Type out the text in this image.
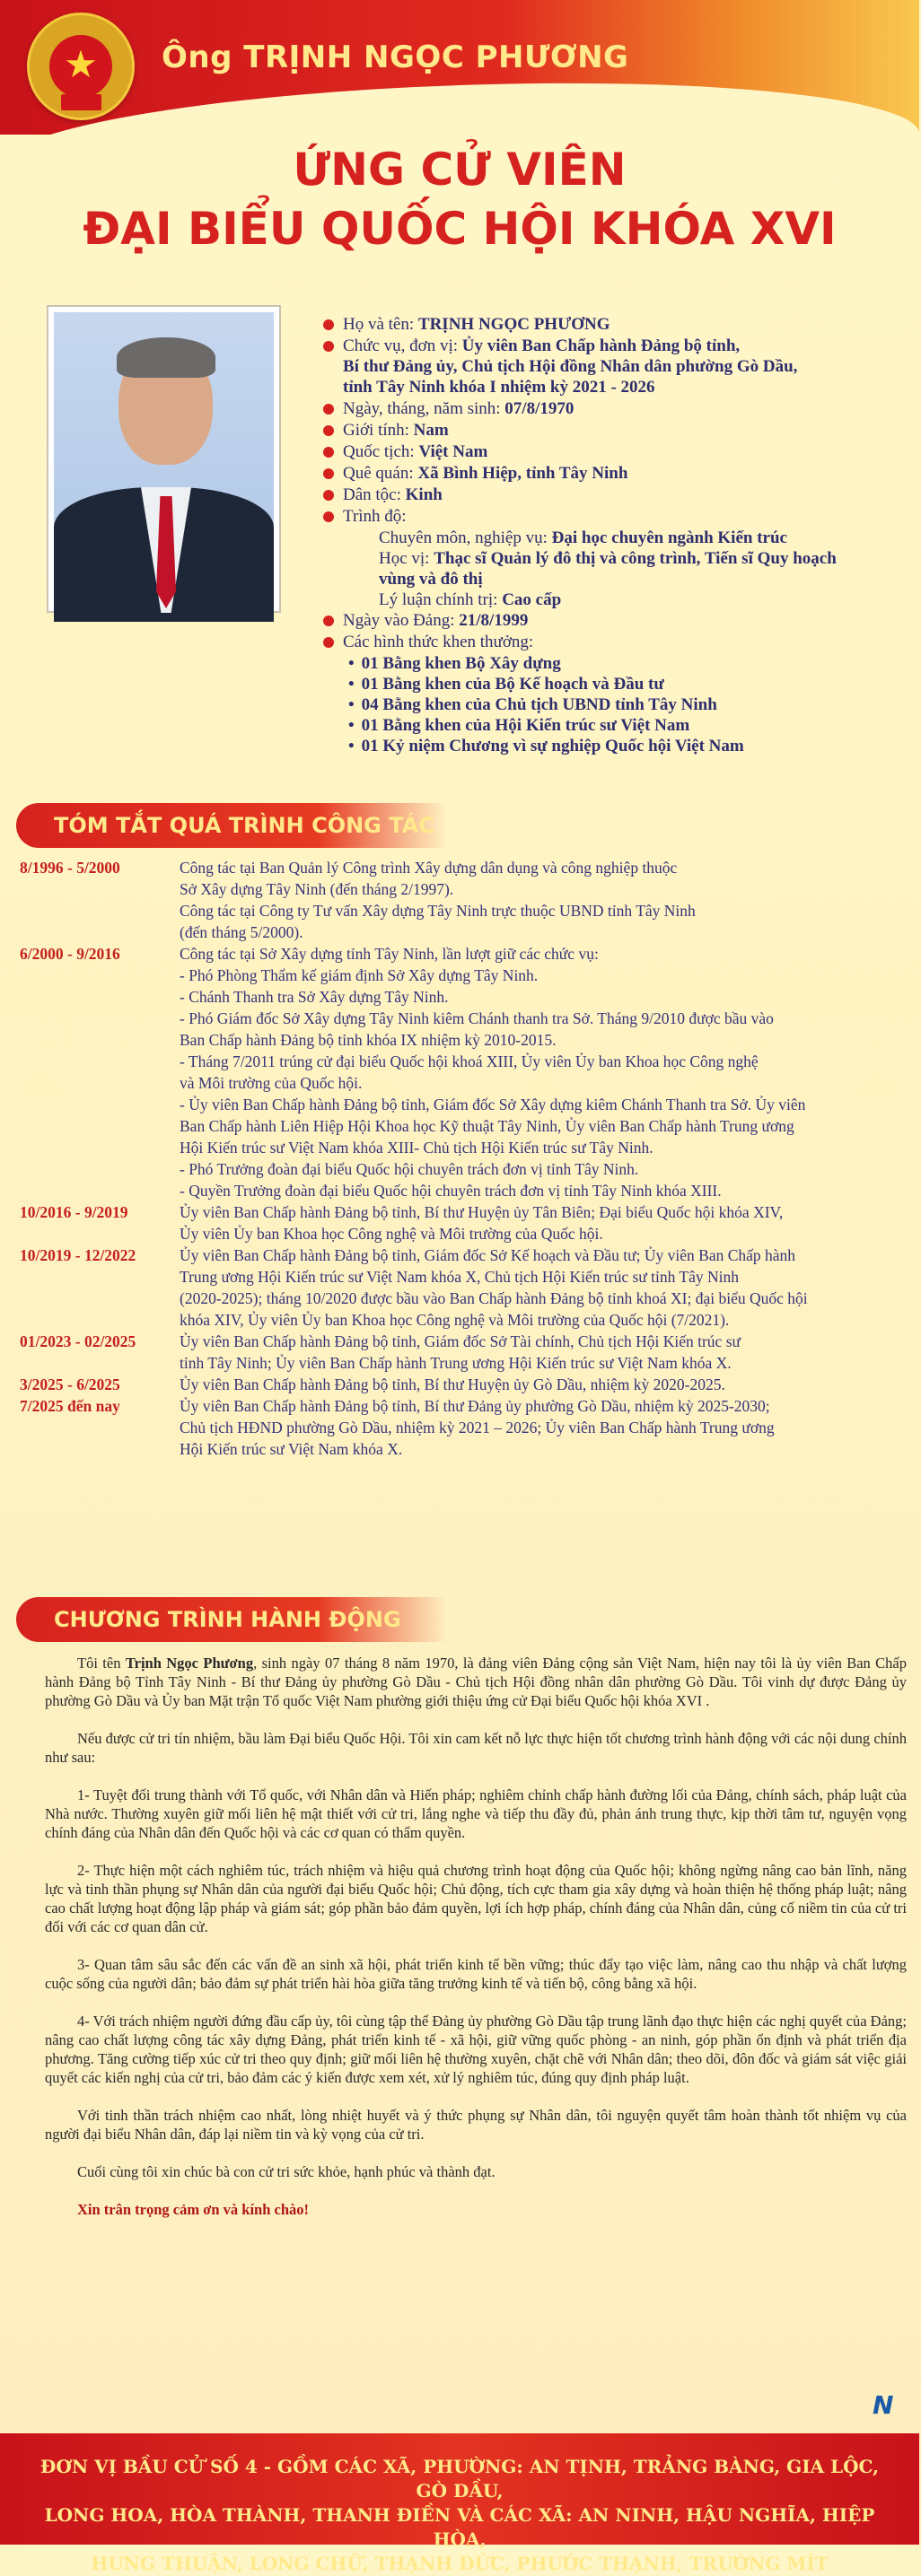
★	Ông TRỊNH NGỌC PHƯƠNG
ỨNG CỬ VIÊN
ĐẠI BIỂU QUỐC HỘI KHÓA XVI
Họ và tên: TRỊNH NGỌC PHƯƠNG
Chức vụ, đơn vị: Ủy viên Ban Chấp hành Đảng bộ tỉnh,
Bí thư Đảng ủy, Chủ tịch Hội đồng Nhân dân phường Gò Dầu,
tỉnh Tây Ninh khóa I nhiệm kỳ 2021 - 2026
Ngày, tháng, năm sinh: 07/8/1970
Giới tính: Nam
Quốc tịch: Việt Nam
Quê quán: Xã Bình Hiệp, tỉnh Tây Ninh
Dân tộc: Kinh
Trình độ:
Chuyên môn, nghiệp vụ: Đại học chuyên ngành Kiến trúc
Học vị: Thạc sĩ Quản lý đô thị và công trình, Tiến sĩ Quy hoạch
vùng và đô thị
Lý luận chính trị: Cao cấp
Ngày vào Đảng: 21/8/1999
Các hình thức khen thưởng:
• 01 Bằng khen Bộ Xây dựng
• 01 Bằng khen của Bộ Kế hoạch và Đầu tư
• 04 Bằng khen của Chủ tịch UBND tỉnh Tây Ninh
• 01 Bằng khen của Hội Kiến trúc sư Việt Nam
• 01 Kỷ niệm Chương vì sự nghiệp Quốc hội Việt Nam
TÓM TẮT QUÁ TRÌNH CÔNG TÁC
8/1996 - 5/2000	Công tác tại Ban Quản lý Công trình Xây dựng dân dụng và công nghiệp thuộc

Sở Xây dựng Tây Ninh (đến tháng 2/1997).

Công tác tại Công ty Tư vấn Xây dựng Tây Ninh trực thuộc UBND tỉnh Tây Ninh

(đến tháng 5/2000).

6/2000 - 9/2016	Công tác tại Sở Xây dựng tỉnh Tây Ninh, lần lượt giữ các chức vụ:

- Phó Phòng Thẩm kế giám định Sở Xây dựng Tây Ninh.

- Chánh Thanh tra Sở Xây dựng Tây Ninh.

- Phó Giám đốc Sở Xây dựng Tây Ninh kiêm Chánh thanh tra Sở. Tháng 9/2010 được bầu vào

Ban Chấp hành Đảng bộ tỉnh khóa IX nhiệm kỳ 2010-2015.

- Tháng 7/2011 trúng cử đại biểu Quốc hội khoá XIII, Ủy viên Ủy ban Khoa học Công nghệ

và Môi trường của Quốc hội.

- Ủy viên Ban Chấp hành Đảng bộ tỉnh, Giám đốc Sở Xây dựng kiêm Chánh Thanh tra Sở. Ủy viên

Ban Chấp hành Liên Hiệp Hội Khoa học Kỹ thuật Tây Ninh, Ủy viên Ban Chấp hành Trung ương

Hội Kiến trúc sư Việt Nam khóa XIII- Chủ tịch Hội Kiến trúc sư Tây Ninh.

- Phó Trưởng đoàn đại biểu Quốc hội chuyên trách đơn vị tỉnh Tây Ninh.

- Quyền Trưởng đoàn đại biểu Quốc hội chuyên trách đơn vị tỉnh Tây Ninh khóa XIII.

10/2016 - 9/2019	Ủy viên Ban Chấp hành Đảng bộ tỉnh, Bí thư Huyện ủy Tân Biên; Đại biểu Quốc hội khóa XIV,

Ủy viên Ủy ban Khoa học Công nghệ và Môi trường của Quốc hội.

10/2019 - 12/2022	Ủy viên Ban Chấp hành Đảng bộ tỉnh, Giám đốc Sở Kế hoạch và Đầu tư; Ủy viên Ban Chấp hành

Trung ương Hội Kiến trúc sư Việt Nam khóa X, Chủ tịch Hội Kiến trúc sư tỉnh Tây Ninh

(2020-2025); tháng 10/2020 được bầu vào Ban Chấp hành Đảng bộ tỉnh khoá XI; đại biểu Quốc hội

khóa XIV, Ủy viên Ủy ban Khoa học Công nghệ và Môi trường của Quốc hội (7/2021).

01/2023 - 02/2025	Ủy viên Ban Chấp hành Đảng bộ tỉnh, Giám đốc Sở Tài chính, Chủ tịch Hội Kiến trúc sư

tỉnh Tây Ninh; Ủy viên Ban Chấp hành Trung ương Hội Kiến trúc sư Việt Nam khóa X.

3/2025 - 6/2025	Ủy viên Ban Chấp hành Đảng bộ tỉnh, Bí thư Huyện ủy Gò Dầu, nhiệm kỳ 2020-2025.

7/2025 đến nay	Ủy viên Ban Chấp hành Đảng bộ tỉnh, Bí thư Đảng ủy phường Gò Dầu, nhiệm kỳ 2025-2030;

Chủ tịch HĐND phường Gò Dầu, nhiệm kỳ 2021 – 2026; Ủy viên Ban Chấp hành Trung ương

Hội Kiến trúc sư Việt Nam khóa X.

CHƯƠNG TRÌNH HÀNH ĐỘNG

Tôi tên Trịnh Ngọc Phương, sinh ngày 07 tháng 8 năm 1970, là đảng viên Đảng cộng sản Việt Nam, hiện nay tôi là ủy viên Ban Chấp hành Đảng bộ Tỉnh Tây Ninh - Bí thư Đảng ủy phường Gò Dầu - Chủ tịch Hội đồng nhân dân phường Gò Dầu. Tôi vinh dự được Đảng ủy phường Gò Dầu và Ủy ban Mặt trận Tổ quốc Việt Nam phường giới thiệu ứng cử Đại biểu Quốc hội khóa XVI .

Nếu được cử tri tín nhiệm, bầu làm Đại biểu Quốc Hội. Tôi xin cam kết nỗ lực thực hiện tốt chương trình hành động với các nội dung chính như sau:

1- Tuyệt đối trung thành với Tổ quốc, với Nhân dân và Hiến pháp; nghiêm chỉnh chấp hành đường lối của Đảng, chính sách, pháp luật của Nhà nước. Thường xuyên giữ mối liên hệ mật thiết với cử tri, lắng nghe và tiếp thu đầy đủ, phản ánh trung thực, kịp thời tâm tư, nguyện vọng chính đáng của Nhân dân đến Quốc hội và các cơ quan có thẩm quyền.

2- Thực hiện một cách nghiêm túc, trách nhiệm và hiệu quả chương trình hoạt động của Quốc hội; không ngừng nâng cao bản lĩnh, năng lực và tinh thần phụng sự Nhân dân của người đại biểu Quốc hội; Chủ động, tích cực tham gia xây dựng và hoàn thiện hệ thống pháp luật; nâng cao chất lượng hoạt động lập pháp và giám sát; góp phần bảo đảm quyền, lợi ích hợp pháp, chính đáng của Nhân dân, củng cố niềm tin của cử tri đối với các cơ quan dân cử.

3- Quan tâm sâu sắc đến các vấn đề an sinh xã hội, phát triển kinh tế bền vững; thúc đẩy tạo việc làm, nâng cao thu nhập và chất lượng cuộc sống của người dân; bảo đảm sự phát triển hài hòa giữa tăng trưởng kinh tế và tiến bộ, công bằng xã hội.

4- Với trách nhiệm người đứng đầu cấp ủy, tôi cùng tập thể Đảng ủy phường Gò Dầu tập trung lãnh đạo thực hiện các nghị quyết của Đảng; nâng cao chất lượng công tác xây dựng Đảng, phát triển kinh tế - xã hội, giữ vững quốc phòng - an ninh, góp phần ổn định và phát triển địa phương. Tăng cường tiếp xúc cử tri theo quy định; giữ mối liên hệ thường xuyên, chặt chẽ với Nhân dân; theo dõi, đôn đốc và giám sát việc giải quyết các kiến nghị của cử tri, bảo đảm các ý kiến được xem xét, xử lý nghiêm túc, đúng quy định pháp luật.

Với tinh thần trách nhiệm cao nhất, lòng nhiệt huyết và ý thức phụng sự Nhân dân, tôi nguyện quyết tâm hoàn thành tốt nhiệm vụ của người đại biểu Nhân dân, đáp lại niềm tin và kỳ vọng của cử tri.

Cuối cùng tôi xin chúc bà con cử tri sức khỏe, hạnh phúc và thành đạt.

Xin trân trọng cảm ơn và kính chào!

N
ĐƠN VỊ BẦU CỬ SỐ 4 - GỒM CÁC XÃ, PHƯỜNG: AN TỊNH, TRẢNG BÀNG, GIA LỘC, GÒ DẦU,
LONG HOA, HÒA THÀNH, THANH ĐIỀN VÀ CÁC XÃ: AN NINH, HẬU NGHĨA, HIỆP HÒA,
HƯNG THUẬN, LONG CHỮ, THẠNH ĐỨC, PHƯỚC THẠNH, TRƯỜNG MÍT
